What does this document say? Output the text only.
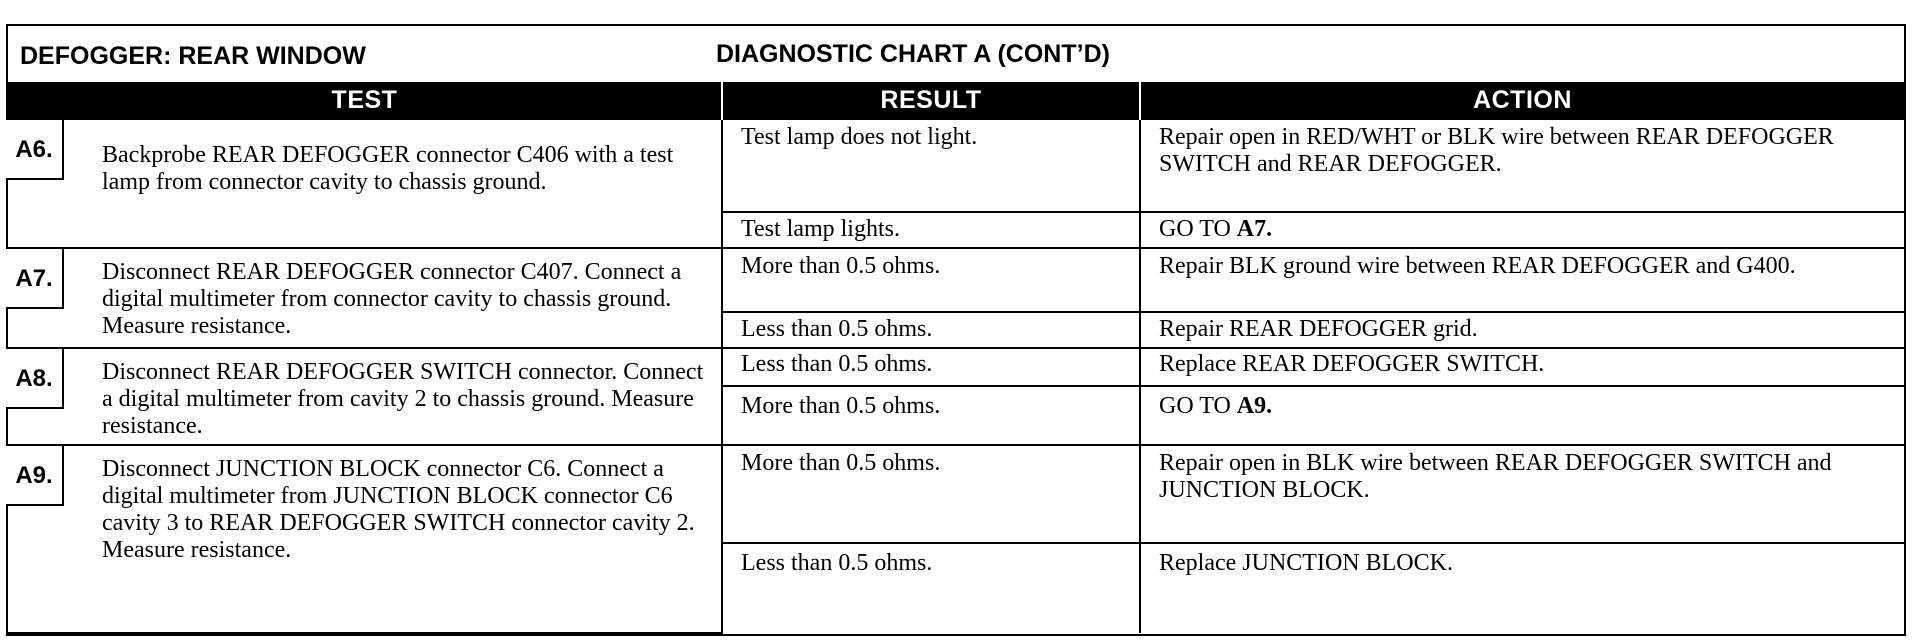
DEFOGGER: REAR WINDOW	DIAGNOSTIC CHART A (CONT’D)
TEST	RESULT	ACTION

A6. Backprobe REAR DEFOGGER connector C406 with a test lamp from connector cavity to chassis ground.	Test lamp does not light.	Repair open in RED/WHT or BLK wire between REAR DEFOGGER SWITCH and REAR DEFOGGER.
	Test lamp lights.	GO TO A7.

A7. Disconnect REAR DEFOGGER connector C407. Connect a digital multimeter from connector cavity to chassis ground. Measure resistance.	More than 0.5 ohms.	Repair BLK ground wire between REAR DEFOGGER and G400.
	Less than 0.5 ohms.	Repair REAR DEFOGGER grid.

A8. Disconnect REAR DEFOGGER SWITCH connector. Connect a digital multimeter from cavity 2 to chassis ground. Measure resistance.	Less than 0.5 ohms.	Replace REAR DEFOGGER SWITCH.
	More than 0.5 ohms.	GO TO A9.

A9. Disconnect JUNCTION BLOCK connector C6. Connect a digital multimeter from JUNCTION BLOCK connector C6 cavity 3 to REAR DEFOGGER SWITCH connector cavity 2. Measure resistance.	More than 0.5 ohms.	Repair open in BLK wire between REAR DEFOGGER SWITCH and JUNCTION BLOCK.
	Less than 0.5 ohms.	Replace JUNCTION BLOCK.
